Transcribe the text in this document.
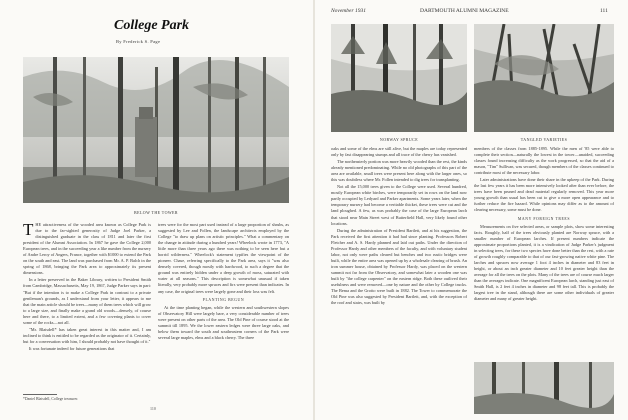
College Park
By Frederick S. Page
BELOW THE TOWER

THE attractiveness of the wooded area known as College Park is due to the far-sighted generosity of Judge Joel Parker, a distinguished graduate in the class of 1811 and later the first president of the Alumni Association. In 1867 he gave the College 2,000 European trees, and in the succeeding year a like number from the nursery of Andre Leroy of Angers, France, together with $1000 to extend the Park on the south and east. The land was purchased from Mr. A. P. Balch in the spring of 1868, bringing the Park area to approximately its present dimensions.

In a letter preserved in the Baker Library, written to President Smith from Cambridge, Massachusetts, May 19, 1867, Judge Parker says in part: "But if the intention is to make a College Park in contrast to a private gentleman's grounds, as I understand from your letter, it appears to me that the main article should be trees—many of them trees which will grow to a large size, and finally make a grand old woods—densely, of course here and there, to a limited extent, and a few covering plants to cover some of the rocks—not all.

"Mr. Blaisdell* has taken great interest in this matter and, I am inclined to think is entitled to be regarded as the originator of it. Certainly, but for a conversation with him, I should probably not have thought of it."

It was fortunate indeed for future generations that

trees were for the most part used instead of a large proportion of shrubs, as suggested by Lee and Follen, the landscape architects employed by the College "to draw up plans on artistic principles." What a commentary on the change in attitude during a hundred years! Wheelock wrote in 1773, "A little more than three years ago there was nothing to be seen here but a horrid wilderness." Wheelock's statement typifies the viewpoint of the pioneer. Chase, referring specifically to the Park area, says it "was also densely covered, though mostly with hardwood, to such a degree that the ground was entirely hidden under a deep growth of moss, saturated with water at all seasons." This description is somewhat unusual if taken literally, very probably more spruces and firs were present than indicates. In any case, the original trees were largely gone and their loss was felt.

PLANTING BEGUN

At the time planting began, while the western and southwestern slopes of Observatory Hill were largely bare, a very considerable number of trees were present on other parts of the area. The Old Pine of course stood at the summit till 1895. We the lower eastern ledges were three large oaks, and below them toward the south and southeastern corners of the Park were several large maples, elms and a black cherry. The three

*Daniel Blaisdell, College treasurer.
110
November 1931	DARTMOUTH ALUMNI MAGAZINE	111
NORWAY SPRUCE	TANGLED VARIETIES

oaks and some of the elms are still alive, but the maples are today represented only by fast disappearing stumps and all trace of the cherry has vanished.

The northeasterly portion was more heavily wooded than the rest, the kinds already mentioned predominating. While no old photographs of this part of the area are available, small trees were present here along with the larger ones, so this was doubtless where Mr. Follen intended to dig trees for transplanting.

Not all the 15,000 trees given to the College were used. Several hundred, mostly European white birches, were temporarily set in rows on the land now partly occupied by Ledyard and Parker apartments. Some years later, when the temporary nursery had become a veritable thicket, these trees were cut and the land ploughed. A few, as was probably the case of the large European larch that stood near Main Street west of Butterfield Hall, very likely found other locations.

During the administration of President Bartlett, and at his suggestion, the Park received the first attention it had had since planting. Professors Robert Fletcher and A. S. Hardy planned and laid out paths. Under the direction of Professor Hardy and other members of the faculty, and with voluntary student labor, not only were paths cleared but benches and two rustic bridges were built, while the entire area was opened up by a wholesale clearing of brush. An iron summer house, obtained by Professor Hardy, was placed on the western summit not far from the Observatory, and somewhat later a wooden one was built by "the college carpenter" on the eastern ridge. Both these outlived their usefulness and were removed—one by nature and the other by College trucks. The Bema and the Grotto were built in 1882. The Tower to commemorate the Old Pine was also suggested by President Bartlett, and, with the exception of the roof and stairs, was built by

members of the classes from 1885-1895. While the men of '85 were able to complete their section—naturally the lowest in the tower—unaided, succeeding classes found increasing difficulty as the work progressed, so that the aid of a mason, "Tim" Sullivan, was secured, though members of the classes continued to contribute most of the necessary labor.

Later administrations have done their share in the upkeep of the Park. During the last few years it has been more intensively looked after than ever before, the trees have been pruned and dead material regularly removed. This year more young growth than usual has been cut to give a more open appearance and to further reduce the fire hazard. While opinions may differ as to the amount of clearing necessary, some must be done.

MANY FOREIGN TREES

Measurements on five selected areas, or sample plots, show some interesting facts. Roughly, half of the trees obviously planted are Norway spruce, with a smaller number of European larches. If present numbers indicate the approximate proportions planted, it is a vindication of Judge Parker's judgment in selecting trees, for these two species have done better than the rest, with a rate of growth roughly comparable to that of our fast-growing native white pine. The larches and spruces now average 1 foot 4 inches in diameter and 83 feet in height, or about an inch greater diameter and 10 feet greater height than the average for all the trees on the plots. Many of the trees are of course much larger than the averages indicate. One magnificent European larch, standing just east of Smith Hall, is 2 feet 4 inches in diameter and 98 feet tall. This is probably the largest tree in the stand, although there are some other individuals of greater diameter and many of greater height.
